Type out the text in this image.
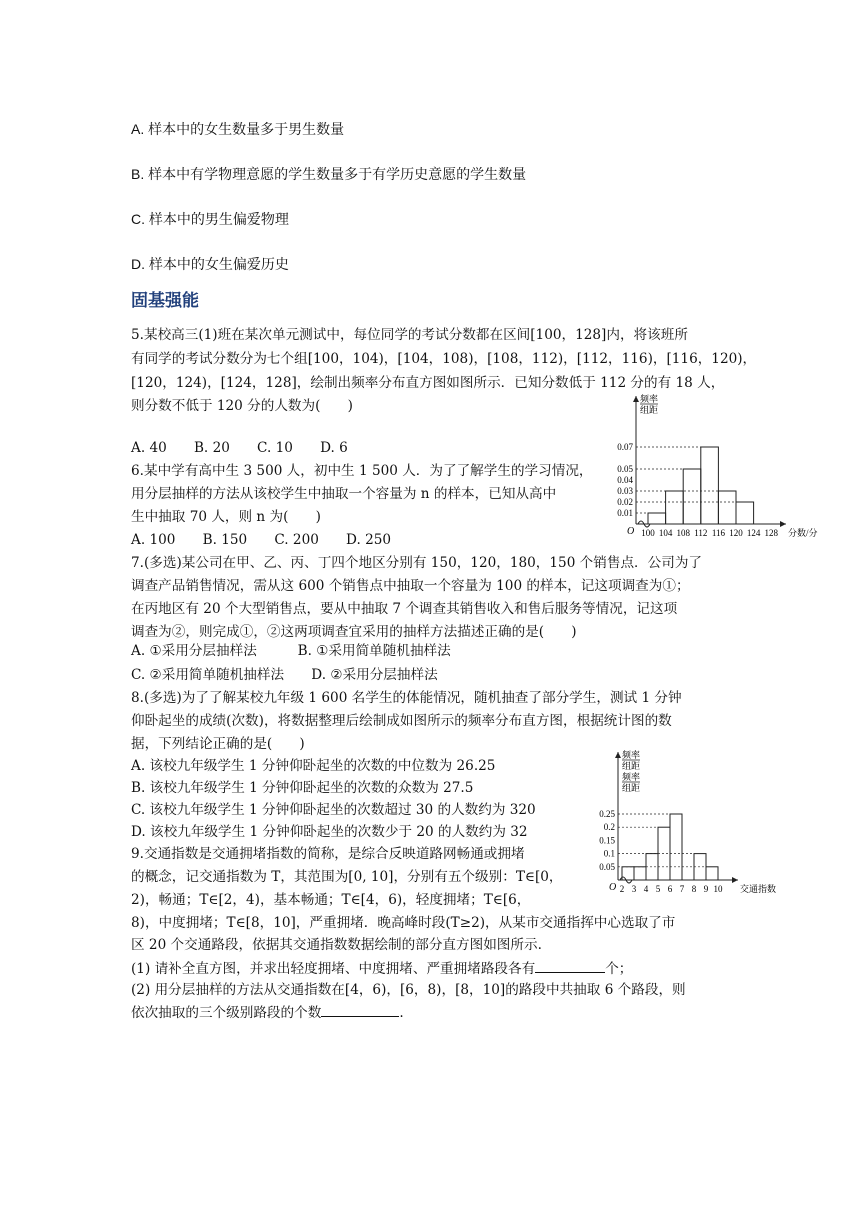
A. 样本中的女生数量多于男生数量
B. 样本中有学物理意愿的学生数量多于有学历史意愿的学生数量
C. 样本中的男生偏爱物理
D. 样本中的女生偏爱历史
固基强能
5.某校高三(1)班在某次单元测试中，每位同学的考试分数都在区间[100，128]内，将该班所
有同学的考试分数分为七个组[100，104)，[104，108)，[108，112)，[112，116)，[116，120)，
[120，124)，[124，128]，绘制出频率分布直方图如图所示．已知分数低于 112 分的有 18 人，
则分数不低于 120 分的人数为(　　)
A. 40　　B. 20　　C. 10　　D. 6
6.某中学有高中生 3 500 人，初中生 1 500 人．为了了解学生的学习情况，
用分层抽样的方法从该校学生中抽取一个容量为 n 的样本，已知从高中
生中抽取 70 人，则 n 为(　　)
A. 100　　B. 150　　C. 200　　D. 250
7.(多选)某公司在甲、乙、丙、丁四个地区分别有 150，120，180，150 个销售点．公司为了
调查产品销售情况，需从这 600 个销售点中抽取一个容量为 100 的样本，记这项调查为①；
在丙地区有 20 个大型销售点，要从中抽取 7 个调查其销售收入和售后服务等情况，记这项
调查为②，则完成①，②这两项调查宜采用的抽样方法描述正确的是(　　)
A. ①采用分层抽样法　　　B. ①采用简单随机抽样法
C. ②采用简单随机抽样法　　D. ②采用分层抽样法
8.(多选)为了了解某校九年级 1 600 名学生的体能情况，随机抽查了部分学生，测试 1 分钟
仰卧起坐的成绩(次数)，将数据整理后绘制成如图所示的频率分布直方图，根据统计图的数
据，下列结论正确的是(　　)
A. 该校九年级学生 1 分钟仰卧起坐的次数的中位数为 26.25
B. 该校九年级学生 1 分钟仰卧起坐的次数的众数为 27.5
C. 该校九年级学生 1 分钟仰卧起坐的次数超过 30 的人数约为 320
D. 该校九年级学生 1 分钟仰卧起坐的次数少于 20 的人数约为 32
9.交通指数是交通拥堵指数的简称，是综合反映道路网畅通或拥堵
的概念，记交通指数为 T，其范围为[0, 10]，分别有五个级别：T∈[0，
2)，畅通；T∈[2，4)，基本畅通；T∈[4，6)，轻度拥堵；T∈[6，
8)，中度拥堵；T∈[8，10]，严重拥堵．晚高峰时段(T≥2)，从某市交通指挥中心选取了市
区 20 个交通路段，依据其交通指数数据绘制的部分直方图如图所示.
(1) 请补全直方图，并求出轻度拥堵、中度拥堵、严重拥堵路段各有	个；
(2) 用分层抽样的方法从交通指数在[4，6)，[6，8)，[8，10]的路段中共抽取 6 个路段，则
依次抽取的三个级别路段的个数	.
O
频率
组距
0.01
0.02
0.03
0.04
0.05
0.07
100 104 108 112 116 120 124 128 分数/分
O
频率
组距
频率
组距
0.05
0.1
0.15
0.2
0.25
2 3 4 5 6 7 8 9 10 交通指数
